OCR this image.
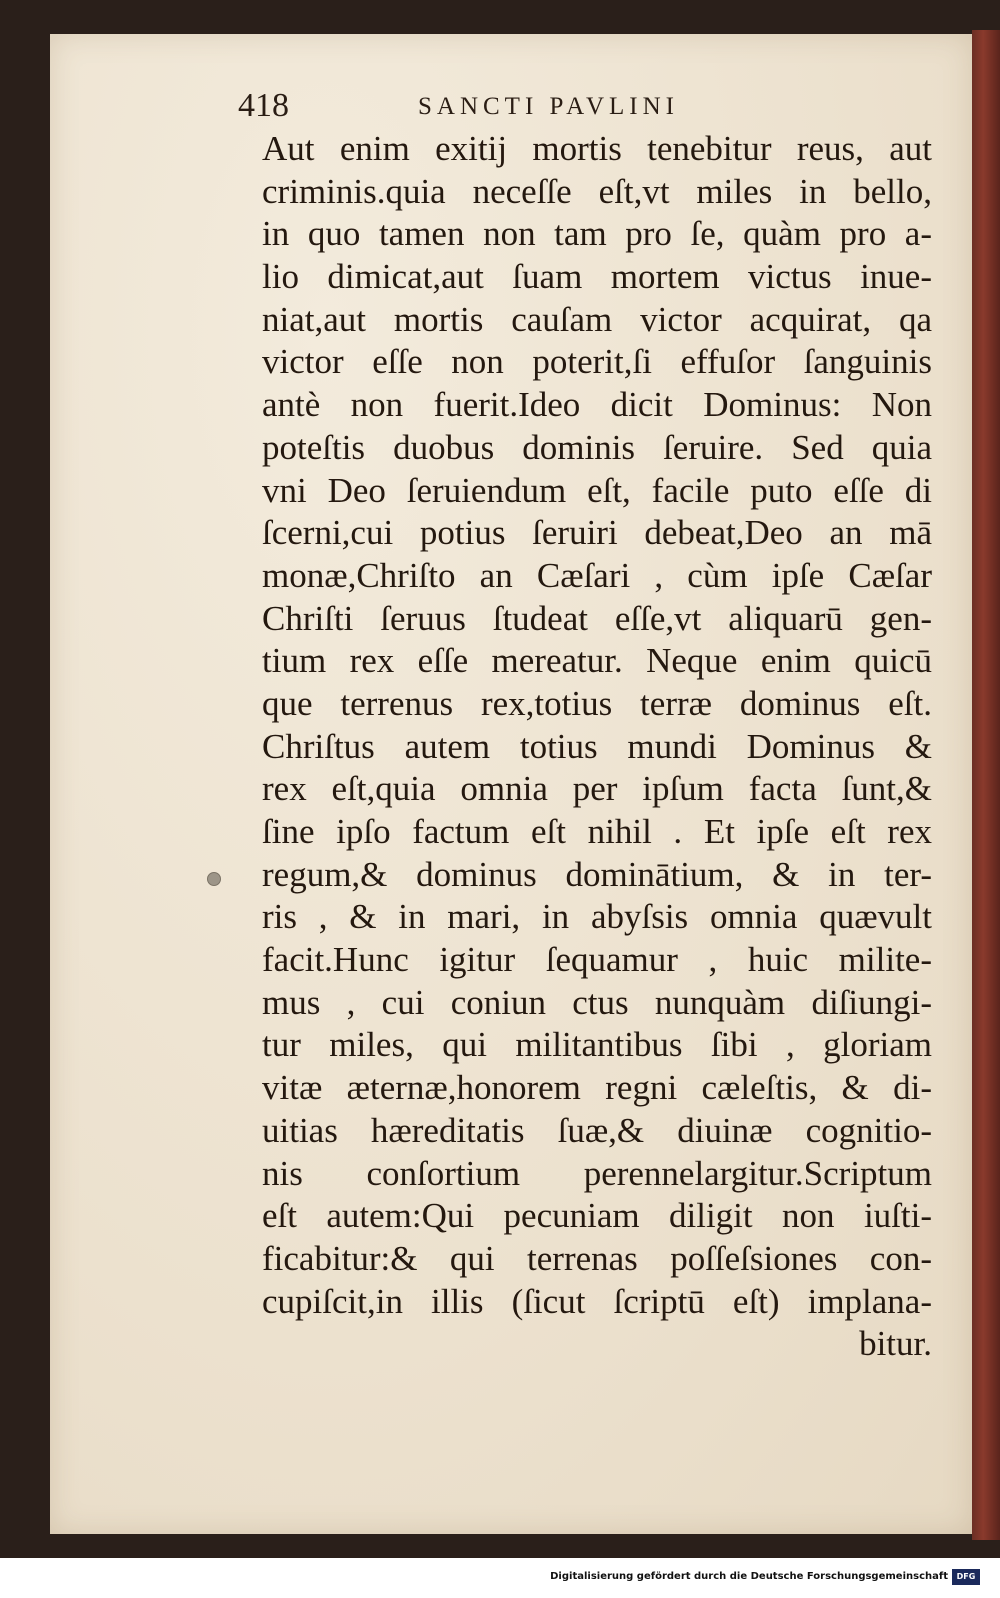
418	SANCTI PAVLINI
Aut enim exitij mortis tenebitur reus, aut
criminis.quia neceſſe eſt,vt miles in bello,
in quo tamen non tam pro ſe, quàm pro a-
lio dimicat,aut ſuam mortem victus inue-
niat,aut mortis cauſam victor acquirat, qa
victor eſſe non poterit,ſi effuſor ſanguinis
antè non fuerit.Ideo dicit Dominus: Non
poteſtis duobus dominis ſeruire. Sed quia
vni Deo ſeruiendum eſt, facile puto eſſe di
ſcerni,cui potius ſeruiri debeat,Deo an mā
monæ,Chriſto an Cæſari , cùm ipſe Cæſar
Chriſti ſeruus ſtudeat eſſe,vt aliquarū gen-
tium rex eſſe mereatur. Neque enim quicū
que terrenus rex,totius terræ dominus eſt.
Chriſtus autem totius mundi Dominus &
rex eſt,quia omnia per ipſum facta ſunt,&
ſine ipſo factum eſt nihil . Et ipſe eſt rex
regum,& dominus dominātium, & in ter-
ris , & in mari, in abyſsis omnia quævult
facit.Hunc igitur ſequamur , huic milite-
mus , cui coniun ctus nunquàm diſiungi-
tur miles, qui militantibus ſibi , gloriam
vitæ æternæ,honorem regni cæleſtis, & di-
uitias hæreditatis ſuæ,& diuinæ cognitio-
nis conſortium perennelargitur.Scriptum
eſt autem:Qui pecuniam diligit non iuſti-
ficabitur:& qui terrenas poſſeſsiones con-
cupiſcit,in illis (ſicut ſcriptū eſt) implana-
bitur.
Digitalisierung gefördert durch die Deutsche Forschungsgemeinschaft	DFG
